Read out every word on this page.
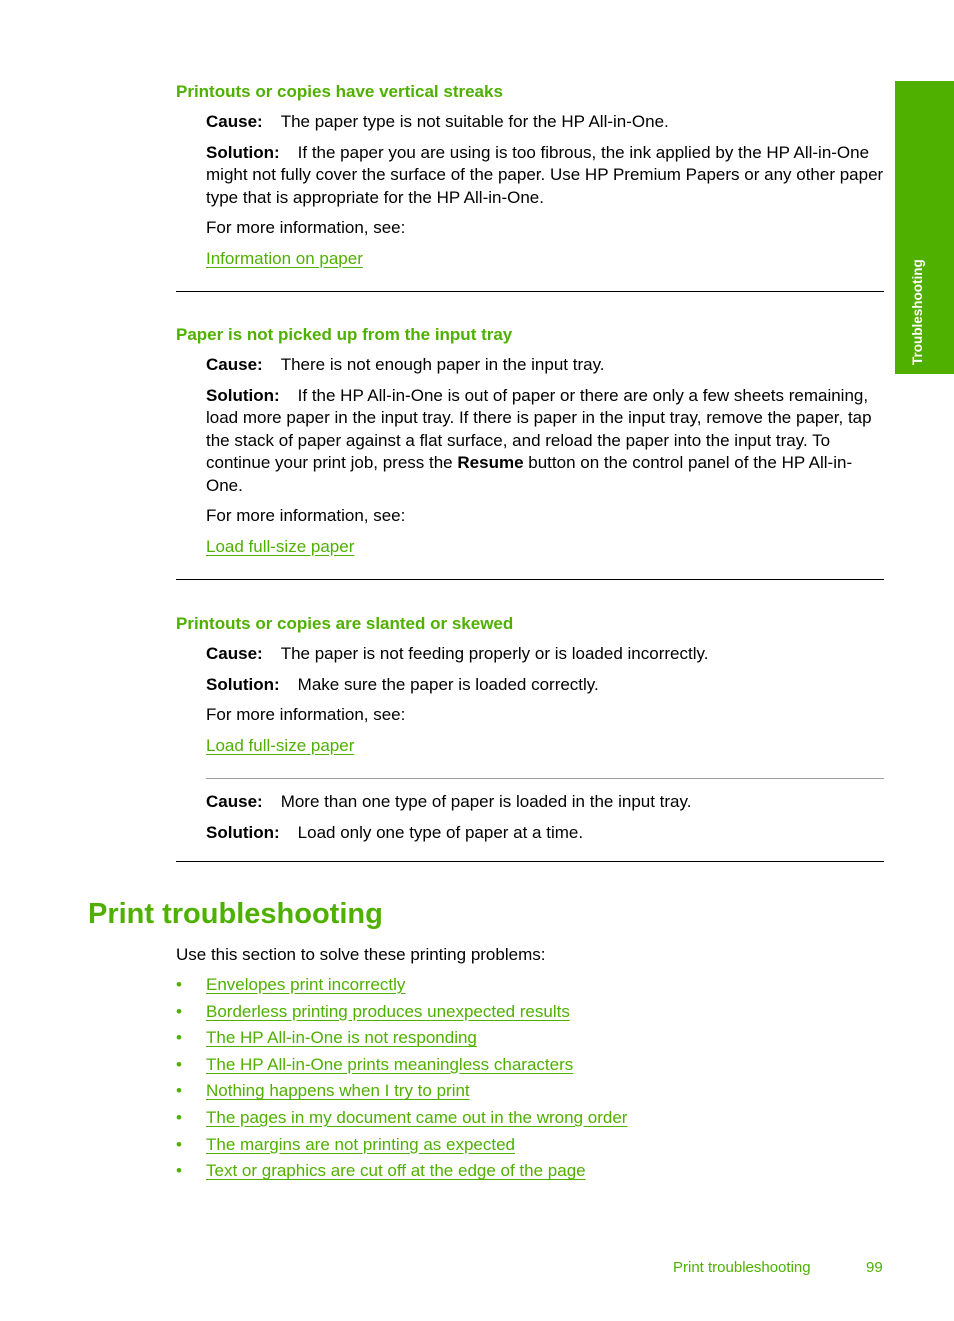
Troubleshooting
Printouts or copies have vertical streaks

Cause: The paper type is not suitable for the HP All-in-One.

Solution: If the paper you are using is too fibrous, the ink applied by the HP All-in-One might not fully cover the surface of the paper. Use HP Premium Papers or any other paper type that is appropriate for the HP All-in-One.

For more information, see:

Information on paper

Paper is not picked up from the input tray

Cause: There is not enough paper in the input tray.

Solution: If the HP All-in-One is out of paper or there are only a few sheets remaining, load more paper in the input tray. If there is paper in the input tray, remove the paper, tap the stack of paper against a flat surface, and reload the paper into the input tray. To continue your print job, press the Resume button on the control panel of the HP All-in-One.

For more information, see:

Load full-size paper

Printouts or copies are slanted or skewed

Cause: The paper is not feeding properly or is loaded incorrectly.

Solution: Make sure the paper is loaded correctly.

For more information, see:

Load full-size paper

Cause: More than one type of paper is loaded in the input tray.

Solution: Load only one type of paper at a time.

Print troubleshooting

Use this section to solve these printing problems:

• Envelopes print incorrectly
• Borderless printing produces unexpected results
• The HP All-in-One is not responding
• The HP All-in-One prints meaningless characters
• Nothing happens when I try to print
• The pages in my document came out in the wrong order
• The margins are not printing as expected
• Text or graphics are cut off at the edge of the page
Print troubleshooting	99
